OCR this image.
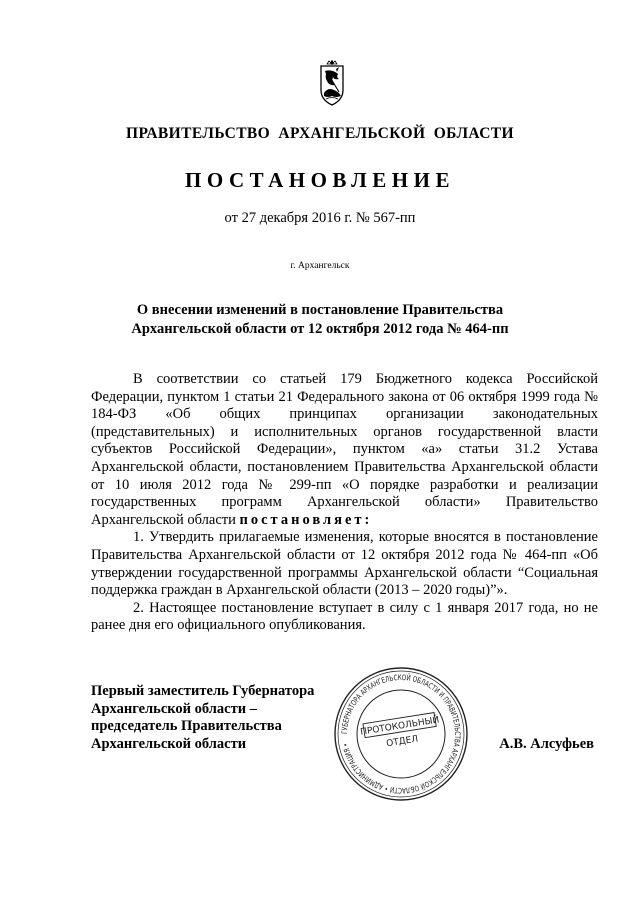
ПРАВИТЕЛЬСТВО АРХАНГЕЛЬСКОЙ ОБЛАСТИ
ПОСТАНОВЛЕНИЕ
от 27 декабря 2016 г. № 567-пп
г. Архангельск
О внесении изменений в постановление Правительства
Архангельской области от 12 октября 2012 года № 464-пп

В соответствии со статьей 179 Бюджетного кодекса Российской Федерации, пунктом 1 статьи 21 Федерального закона от 06 октября 1999 года № 184-ФЗ «Об общих принципах организации законодательных (представительных) и исполнительных органов государственной власти субъектов Российской Федерации», пунктом «а» статьи 31.2 Устава Архангельской области, постановлением Правительства Архангельской области от 10 июля 2012 года № 299-пп «О порядке разработки и реализации государственных программ Архангельской области» Правительство Архангельской области постановляет:

1. Утвердить прилагаемые изменения, которые вносятся в постановление Правительства Архангельской области от 12 октября 2012 года № 464-пп «Об утверждении государственной программы Архангельской области “Социальная поддержка граждан в Архангельской области (2013 – 2020 годы)”».

2. Настоящее постановление вступает в силу с 1 января 2017 года, но не ранее дня его официального опубликования.

Первый заместитель Губернатора
Архангельской области –
председатель Правительства
Архангельской области
ГУБЕРНАТОРА АРХАНГЕЛЬСКОЙ ОБЛАСТИ И ПРАВИТЕЛЬСТВА АРХАНГЕЛЬСКОЙ ОБЛАСТИ • АДМИНИСТРАЦИЯ •
ПРОТОКОЛЬНЫЙ
ОТДЕЛ	А.В. Алсуфьев
